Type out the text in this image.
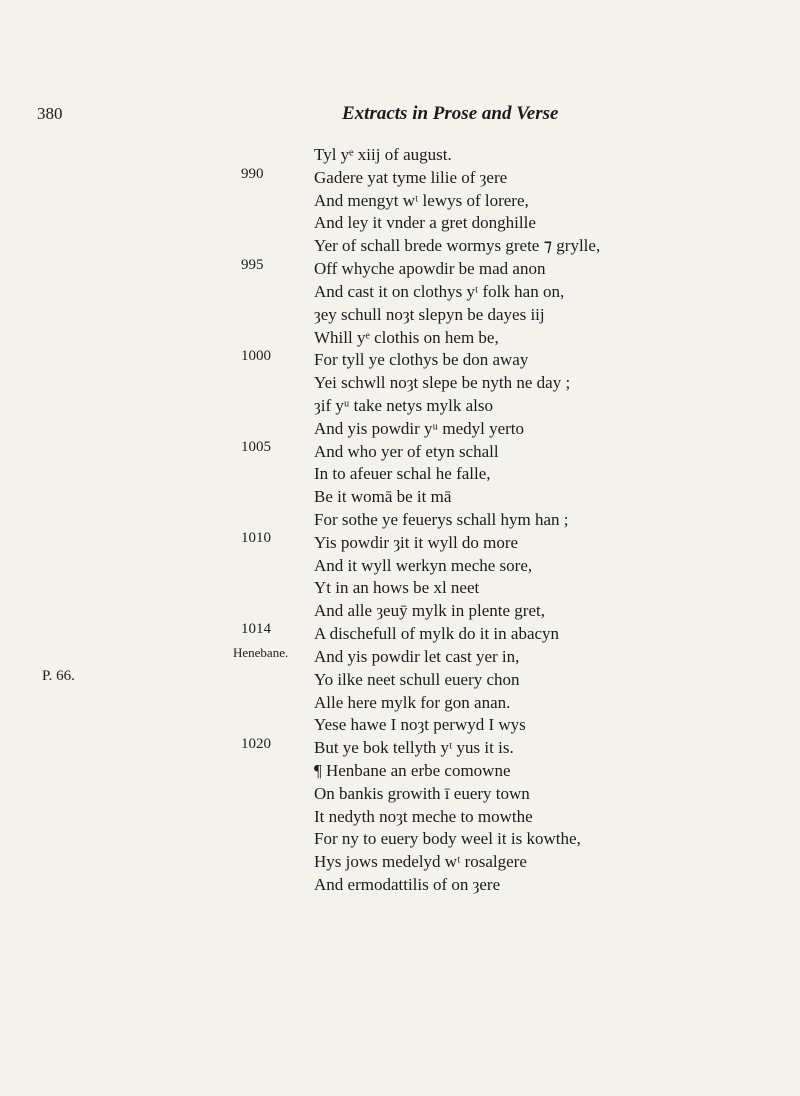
380	Extracts in Prose and Verse
Tyl yᵉ xiij of august.
Gadere yat tyme lilie of ȝere
And mengyt wᵗ lewys of lorere,
And ley it vnder a gret donghille
Yer of schall brede wormys grete ⁊ grylle,
Off whyche apowdir be mad anon
And cast it on clothys yᵗ folk han on,
ȝey schull noȝt slepyn be dayes iij
Whill yᵉ clothis on hem be,
For tyll ye clothys be don away
Yei schwll noȝt slepe be nyth ne day ;
ȝif yᵘ take netys mylk also
And yis powdir yᵘ medyl yerto
And who yer of etyn schall
In to afeuer schal he falle,
Be it womā be it mā
For sothe ye feuerys schall hym han ;
Yis powdir ȝit it wyll do more
And it wyll werkyn meche sore,
Yt in an hows be xl neet
And alle ȝeuȳ mylk in plente gret,
A dischefull of mylk do it in abacyn
And yis powdir let cast yer in,
Yo ilke neet schull euery chon
Alle here mylk for gon anan.
Yese hawe I noȝt perwyd I wys
But ye bok tellyth yᵗ yus it is.
¶ Henbane an erbe comowne
On bankis growith ī euery town
It nedyth noȝt meche to mowthe
For ny to euery body weel it is kowthe,
Hys jows medelyd wᵗ rosalgere
And ermodattilis of on ȝere
990
995
1000
1005
1010
1014
Henebane.
P. 66.
1020
